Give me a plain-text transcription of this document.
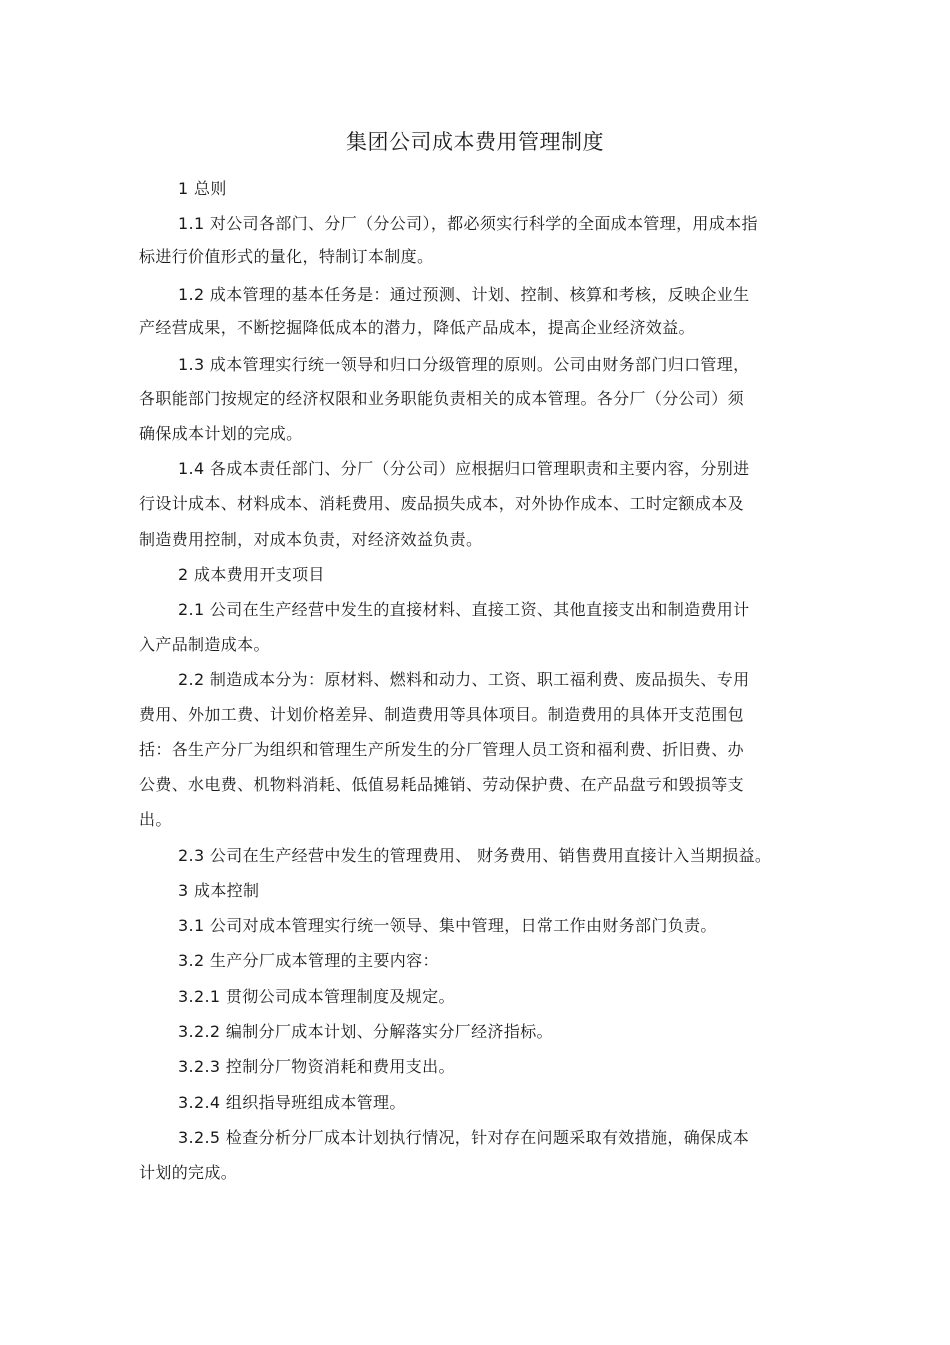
集团公司成本费用管理制度
1 总则
1.1 对公司各部门、分厂（分公司），都必须实行科学的全面成本管理，用成本指
标进行价值形式的量化，特制订本制度。
1.2 成本管理的基本任务是：通过预测、计划、控制、核算和考核，反映企业生
产经营成果，不断挖掘降低成本的潜力，降低产品成本，提高企业经济效益。
1.3 成本管理实行统一领导和归口分级管理的原则。公司由财务部门归口管理，
各职能部门按规定的经济权限和业务职能负责相关的成本管理。各分厂（分公司）须
确保成本计划的完成。
1.4 各成本责任部门、分厂（分公司）应根据归口管理职责和主要内容，分别进
行设计成本、材料成本、消耗费用、废品损失成本，对外协作成本、工时定额成本及
制造费用控制，对成本负责，对经济效益负责。
2 成本费用开支项目
2.1 公司在生产经营中发生的直接材料、直接工资、其他直接支出和制造费用计
入产品制造成本。
2.2 制造成本分为：原材料、燃料和动力、工资、职工福利费、废品损失、专用
费用、外加工费、计划价格差异、制造费用等具体项目。制造费用的具体开支范围包
括：各生产分厂为组织和管理生产所发生的分厂管理人员工资和福利费、折旧费、办
公费、水电费、机物料消耗、低值易耗品摊销、劳动保护费、在产品盘亏和毁损等支
出。
2.3 公司在生产经营中发生的管理费用、 财务费用、销售费用直接计入当期损益。
3 成本控制
3.1 公司对成本管理实行统一领导、集中管理，日常工作由财务部门负责。
3.2 生产分厂成本管理的主要内容：
3.2.1 贯彻公司成本管理制度及规定。
3.2.2 编制分厂成本计划、分解落实分厂经济指标。
3.2.3 控制分厂物资消耗和费用支出。
3.2.4 组织指导班组成本管理。
3.2.5 检查分析分厂成本计划执行情况，针对存在问题采取有效措施，确保成本
计划的完成。
